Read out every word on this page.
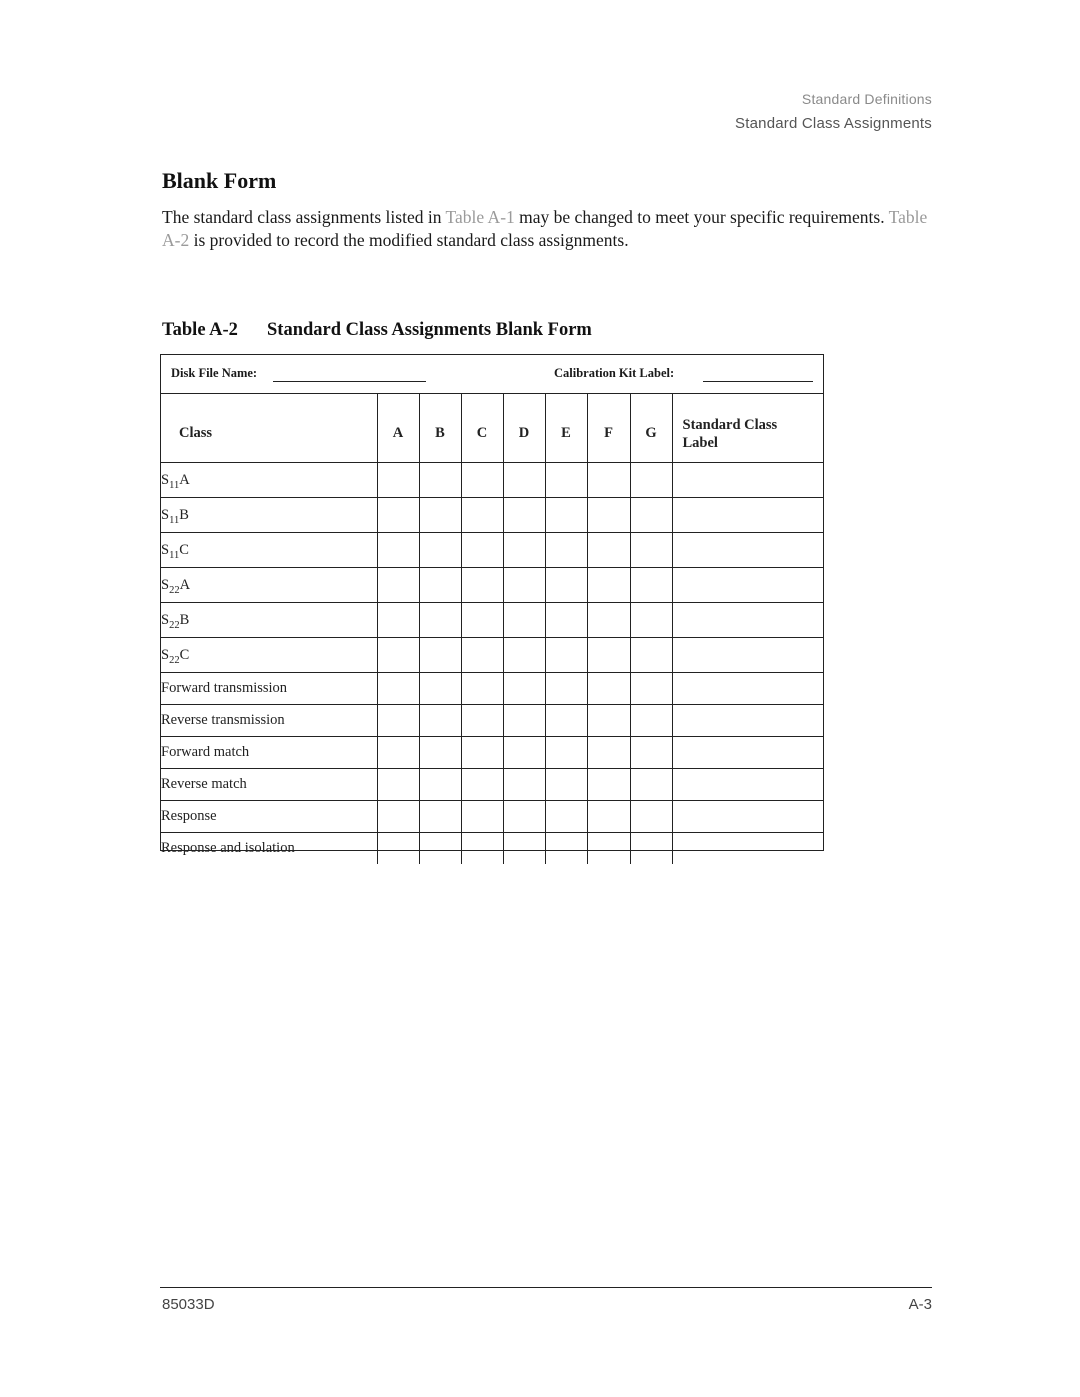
Standard Definitions
Standard Class Assignments
Blank Form
The standard class assignments listed in Table A-1 may be changed to meet your specific requirements. Table A-2 is provided to record the modified standard class assignments.
Table A-2 Standard Class Assignments Blank Form
Disk File Name:	Calibration Kit Label:
Class	A	B	C	D	E	F	G	Standard Class
Label

$S_{11}A$								
$S_{11}B$								
$S_{11}C$								
$S_{22}A$								
$S_{22}B$								
$S_{22}C$								
Forward transmission								
Reverse transmission								
Forward match								
Reverse match								
Response								
Response and isolation								
85033D	A-3
